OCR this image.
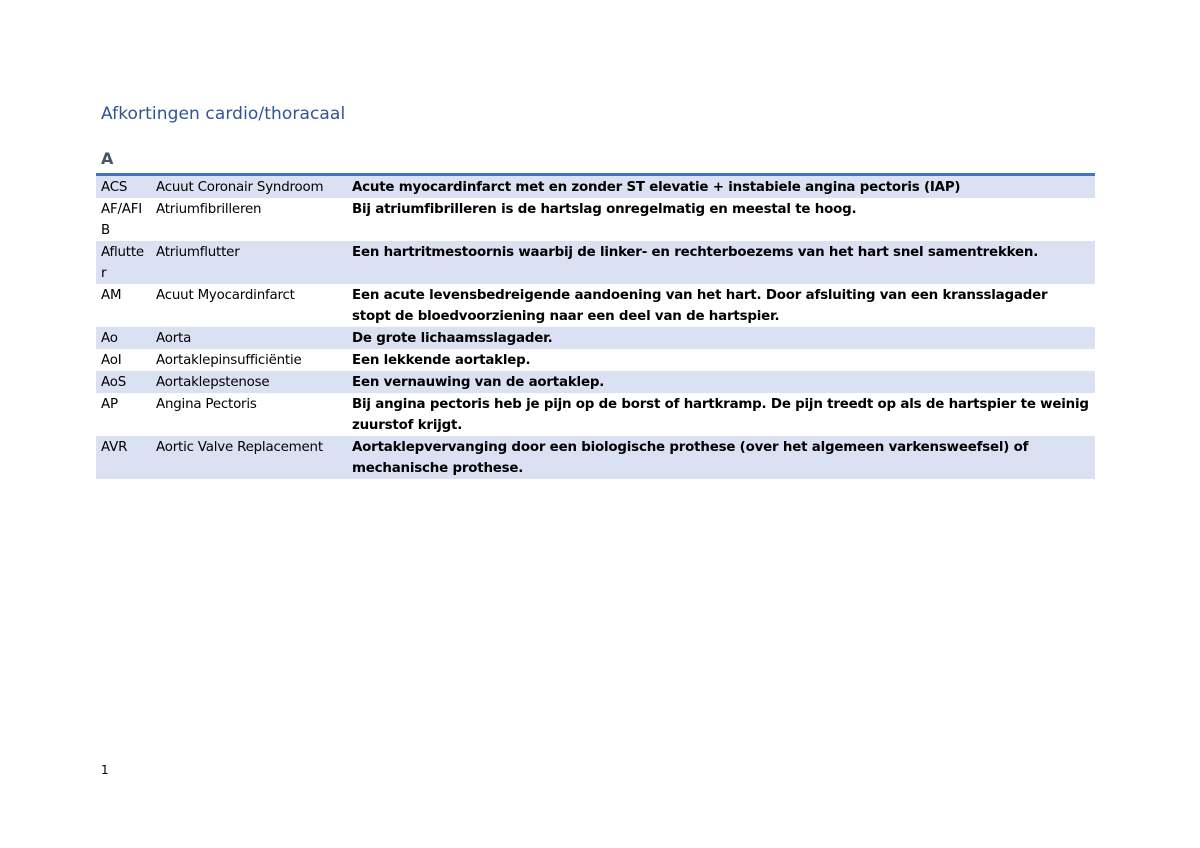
Afkortingen cardio/thoracaal
A
ACS	Acuut Coronair Syndroom	Acute myocardinfarct met en zonder ST elevatie + instabiele angina pectoris (IAP)
AF/AFIB	Atriumfibrilleren	Bij atriumfibrilleren is de hartslag onregelmatig en meestal te hoog.
Aflutter	Atriumflutter	Een hartritmestoornis waarbij de linker- en rechterboezems van het hart snel samentrekken.
AM	Acuut Myocardinfarct	Een acute levensbedreigende aandoening van het hart. Door afsluiting van een kransslagader stopt de bloedvoorziening naar een deel van de hartspier.
Ao	Aorta	De grote lichaamsslagader.
AoI	Aortaklepinsufficiëntie	Een lekkende aortaklep.
AoS	Aortaklepstenose	Een vernauwing van de aortaklep.
AP	Angina Pectoris	Bij angina pectoris heb je pijn op de borst of hartkramp. De pijn treedt op als de hartspier te weinig zuurstof krijgt.
AVR	Aortic Valve Replacement	Aortaklepvervanging door een biologische prothese (over het algemeen varkensweefsel) of mechanische prothese.
1
